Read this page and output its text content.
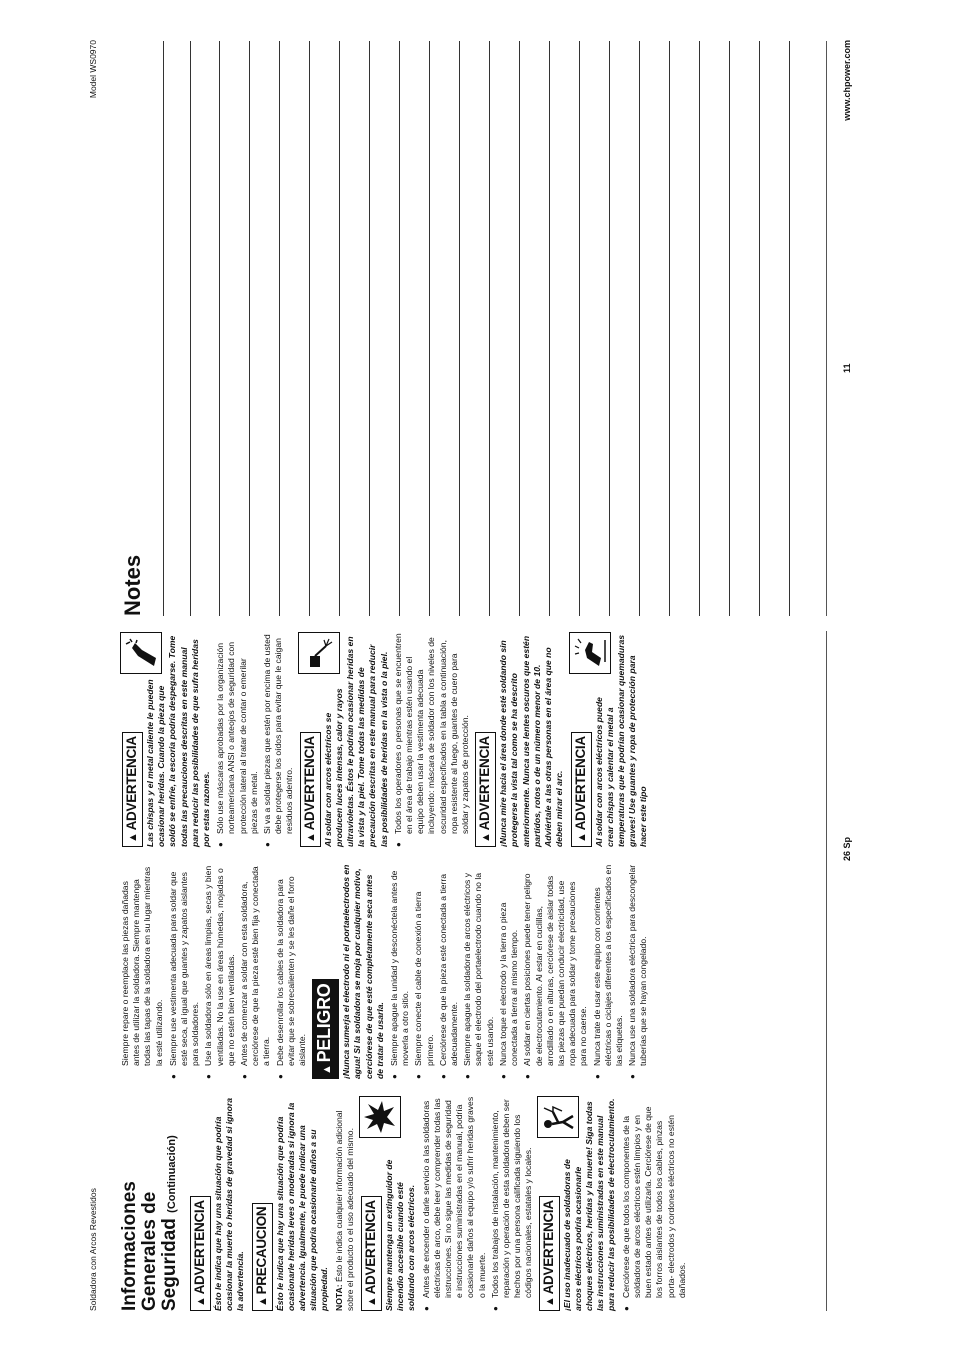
Soldadora con Arcos Revestidos
Model WS0970
Informaciones Generales de Seguridad (Continuación)
▲ADVERTENCIA Ésto le indica que hay una situación que podría ocasionar la muerte o heridas de gravedad si ignora la advertencia. ▲PRECAUCION Ésto le indica que hay una situación que podría ocasionarle heridas leves o moderadas si ignora la advertencia. Igualmente, le puede indicar una situación que podría ocasionarle daños a su propiedad. NOTA: Ésto le indica cualquier información adicional sobre el producto o el uso adecuado del mismo.	▲ADVERTENCIA Siempre mantenga un extinguidor de incendio accesible cuando esté soldando con arcos eléctricos. ● Antes de encender o darle servicio a las soldadoras eléctricas de arco, debe leer y comprender todas las instrucciones. Si no sigue las medidas de seguridad e instrucciones suministradas en el manual, podría ocasionarle daños al equipo y/o sufrir heridas graves o la muerte. ● Todos los trabajos de instalación, mantenimiento, reparación y operación de esta soldadora deben ser hechos por una persona calificada siguiendo los códigos nacionales, estatales y locales.
▲ADVERTENCIA ¡El uso inadecuado de soldadoras de arcos eléctricos podría ocasionarle choques eléctricos, heridas y la muerte! Siga todas las instrucciones suministradas en este manual para reducir las posibilidades de electrocutamiento. ● Cerciórese de que todos los componentes de la soldadora de arcos eléctricos estén limpios y en buen estado antes de utilizarla. Cerciórese de que los forros aislantes de todos los cables, pinzas porta- electrodos y cordones eléctricos no estén dañados.

Siempre repare o reemplace las piezas dañadas antes de utilizar la soldadora. Siempre mantenga todas las tapas de la soldadora en su lugar mientras la esté utilizando. ● Siempre use vestimenta adecuada para soldar que esté seca, al igual que guantes y zapatos aislantes para soldadores. ● Use la soldadora sólo en áreas limpias, secas y bien ventiladas. No la use en áreas húmedas, mojadas o que no estén bien ventiladas. ● Antes de comenzar a soldar con esta soldadora, cerciórese de que la pieza esté bien fija y conectada a tierra. ● Debe desenrollar los cables de la soldadora para evitar que se sobrecalienten y se les dañe el forro aislante.
▲PELIGRO ¡Nunca sumerja el electrodo ni el portaelectrodos en agua! Si la soldadora se moja por cualquier motivo, cerciórese de que esté completamente seca antes de tratar de usarla. ● Siempre apague la unidad y desconéctela antes de moverla a otro sitio. ● Siempre conecte el cable de conexión a tierra primero. ● Cerciórese de que la pieza esté conectada a tierra adecuadamente. ● Siempre apague la soldadora de arcos eléctricos y saque el electrodo del portaelectrodo cuando no la esté usando. ● Nunca toque el electrodo y la tierra o pieza conectada a tierra al mismo tiempo. ● Al soldar en ciertas posiciones puede tener peligro de electrocutamiento. Al estar en cuclillas, arrodillado o en alturas, cerciórese de aislar todas las piezas que puedan conducir electricidad, use ropa adecuada para soldar y tome precauciones para no caerse. ● Nunca trate de usar este equipo con corrientes eléctricas o ciclajes diferentes a los especificados en las etiquetas. ● Nunca use una soldadora eléctrica para descongelar tuberías que se hayan congelado.
▲ADVERTENCIA Las chispas y el metal caliente le pueden ocasionar heridas. Cuando la pieza que soldó se enfríe, la escoria podría despegarse. Tome todas las precauciones descritas en este manual para reducir las posibilidades de que sufra heridas por estas razones. ● Sólo use máscaras aprobadas por la organización norteamericana ANSI o anteojos de seguridad con protección lateral al tratar de contar o emerilar piezas de metal. ● Si va a soldar piezas que estén por encima de usted debe protegerse los oídos para evitar que le caigan residuos adentro.
▲ADVERTENCIA Al soldar con arcos eléctricos se producen luces intensas, calor y rayos ultravioletas. Éstos le podrían ocasionar heridas en la vista y la piel. Tome todas las medidas de precaución descritas en este manual para reducir las posibilidades de heridas en la vista o la piel. ● Todos los operadores o personas que se encuentren en el área de trabajo mientras estén usando el equipo deben usar la vestimenta adecuada incluyendo: máscara de soldador con los niveles de oscuridad especificados en la tabla a continuación, ropa resistente al fuego, guantes de cuero para soldar y zapatos de protección.
▲ADVERTENCIA ¡Nunca mire hacia el área donde esté soldando sin protegerse la vista tal como se ha descrito anteriormente. Nunca use lentes oscuros que estén partidos, rotos o de un número menor de 10. Adviértale a las otras personas en el área que no deben mirar el arc.	▲ADVERTENCIA Al soldar con arcos eléctricos puede crear chispas y calentar el metal a temperaturas que le podrían ocasionar quemaduras graves! Use guantes y ropa de protección para hacer este tipo

Notes
26 Sp
11
www.chpower.com
